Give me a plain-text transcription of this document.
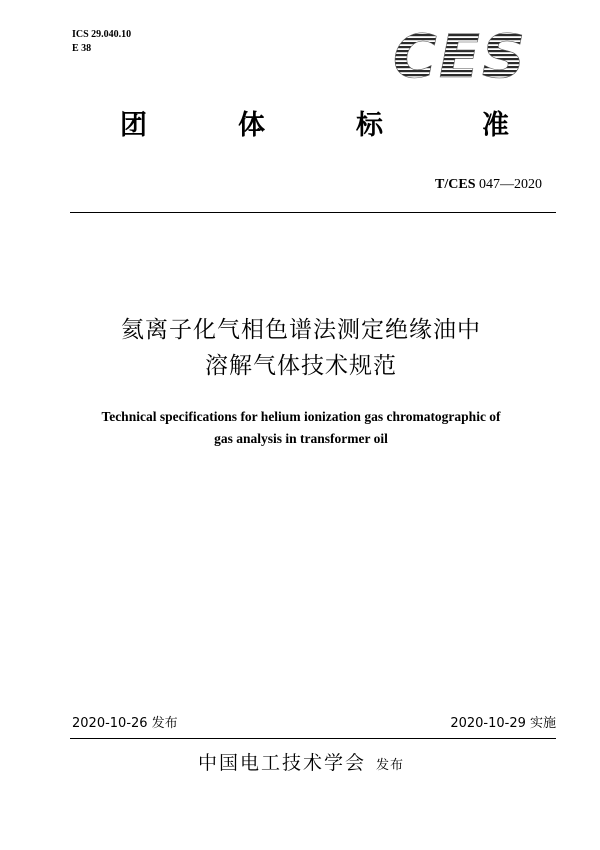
ICS 29.040.10
E 38	CES
团	体	标	准
T/CES 047—2020
氦离子化气相色谱法测定绝缘油中
溶解气体技术规范
Technical specifications for helium ionization gas chromatographic of
gas analysis in transformer oil
2020-10-26 发布	2020-10-29 实施
中国电工技术学会 发布
